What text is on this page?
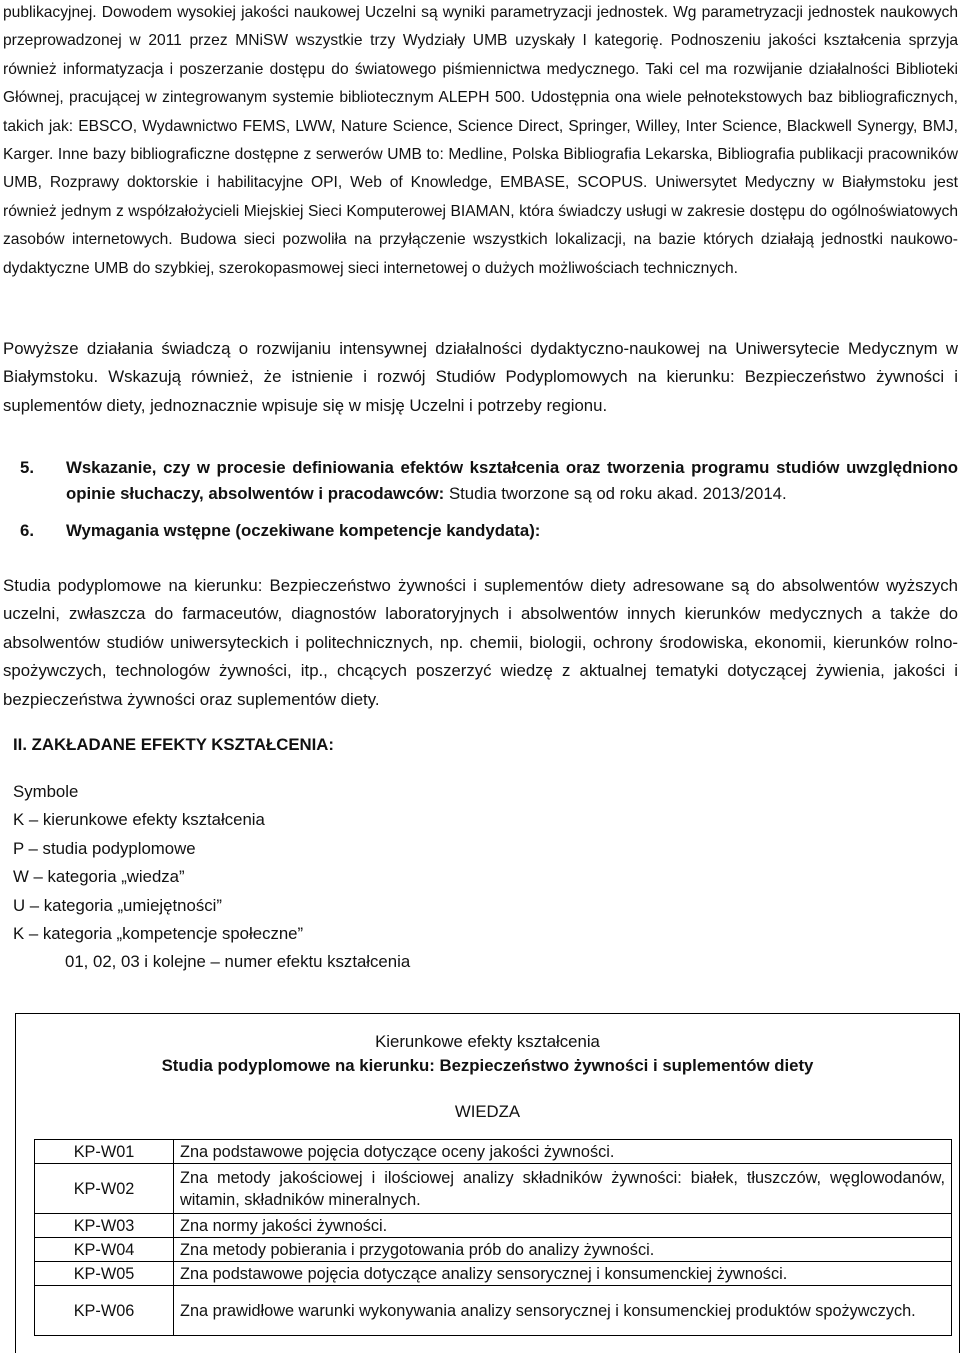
publikacyjnej. Dowodem wysokiej jakości naukowej Uczelni są wyniki parametryzacji jednostek. Wg parametryzacji jednostek naukowych przeprowadzonej w 2011 przez MNiSW wszystkie trzy Wydziały UMB uzyskały I kategorię. Podnoszeniu jakości kształcenia sprzyja również informatyzacja i poszerzanie dostępu do światowego piśmiennictwa medycznego. Taki cel ma rozwijanie działalności Biblioteki Głównej, pracującej w zintegrowanym systemie bibliotecznym ALEPH 500. Udostępnia ona wiele pełnotekstowych baz bibliograficznych, takich jak: EBSCO, Wydawnictwo FEMS, LWW, Nature Science, Science Direct, Springer, Willey, Inter Science, Blackwell Synergy, BMJ, Karger. Inne bazy bibliograficzne dostępne z serwerów UMB to: Medline, Polska Bibliografia Lekarska, Bibliografia publikacji pracowników UMB, Rozprawy doktorskie i habilitacyjne OPI, Web of Knowledge, EMBASE, SCOPUS. Uniwersytet Medyczny w Białymstoku jest również jednym z współzałożycieli Miejskiej Sieci Komputerowej BIAMAN, która świadczy usługi w zakresie dostępu do ogólnoświatowych zasobów internetowych. Budowa sieci pozwoliła na przyłączenie wszystkich lokalizacji, na bazie których działają jednostki naukowo-dydaktyczne UMB do szybkiej, szerokopasmowej sieci internetowej o dużych możliwościach technicznych.

Powyższe działania świadczą o rozwijaniu intensywnej działalności dydaktyczno-naukowej na Uniwersytecie Medycznym w Białymstoku. Wskazują również, że istnienie i rozwój Studiów Podyplomowych na kierunku: Bezpieczeństwo żywności i suplementów diety, jednoznacznie wpisuje się w misję Uczelni i potrzeby regionu.

5.	Wskazanie, czy w procesie definiowania efektów kształcenia oraz tworzenia programu studiów uwzględniono opinie słuchaczy, absolwentów i pracodawców: Studia tworzone są od roku akad. 2013/2014.
6.	Wymagania wstępne (oczekiwane kompetencje kandydata):

Studia podyplomowe na kierunku: Bezpieczeństwo żywności i suplementów diety adresowane są do absolwentów wyższych uczelni, zwłaszcza do farmaceutów, diagnostów laboratoryjnych i absolwentów innych kierunków medycznych a także do absolwentów studiów uniwersyteckich i politechnicznych, np. chemii, biologii, ochrony środowiska, ekonomii, kierunków rolno-spożywczych, technologów żywności, itp., chcących poszerzyć wiedzę z aktualnej tematyki dotyczącej żywienia, jakości i bezpieczeństwa żywności oraz suplementów diety.

II. ZAKŁADANE EFEKTY KSZTAŁCENIA:
Symbole
K – kierunkowe efekty kształcenia
P – studia podyplomowe
W – kategoria „wiedza”
U – kategoria „umiejętności”
K – kategoria „kompetencje społeczne”
01, 02, 03 i kolejne – numer efektu kształcenia
Kierunkowe efekty kształcenia
Studia podyplomowe na kierunku: Bezpieczeństwo żywności i suplementów diety
WIEDZA
KP-W01	Zna podstawowe pojęcia dotyczące oceny jakości żywności.
KP-W02	Zna metody jakościowej i ilościowej analizy składników żywności: białek, tłuszczów, węglowodanów, witamin, składników mineralnych.
KP-W03	Zna normy jakości żywności.
KP-W04	Zna metody pobierania i przygotowania prób do analizy żywności.
KP-W05	Zna podstawowe pojęcia dotyczące analizy sensorycznej i konsumenckiej żywności.
KP-W06	Zna prawidłowe warunki wykonywania analizy sensorycznej i konsumenckiej produktów spożywczych.
